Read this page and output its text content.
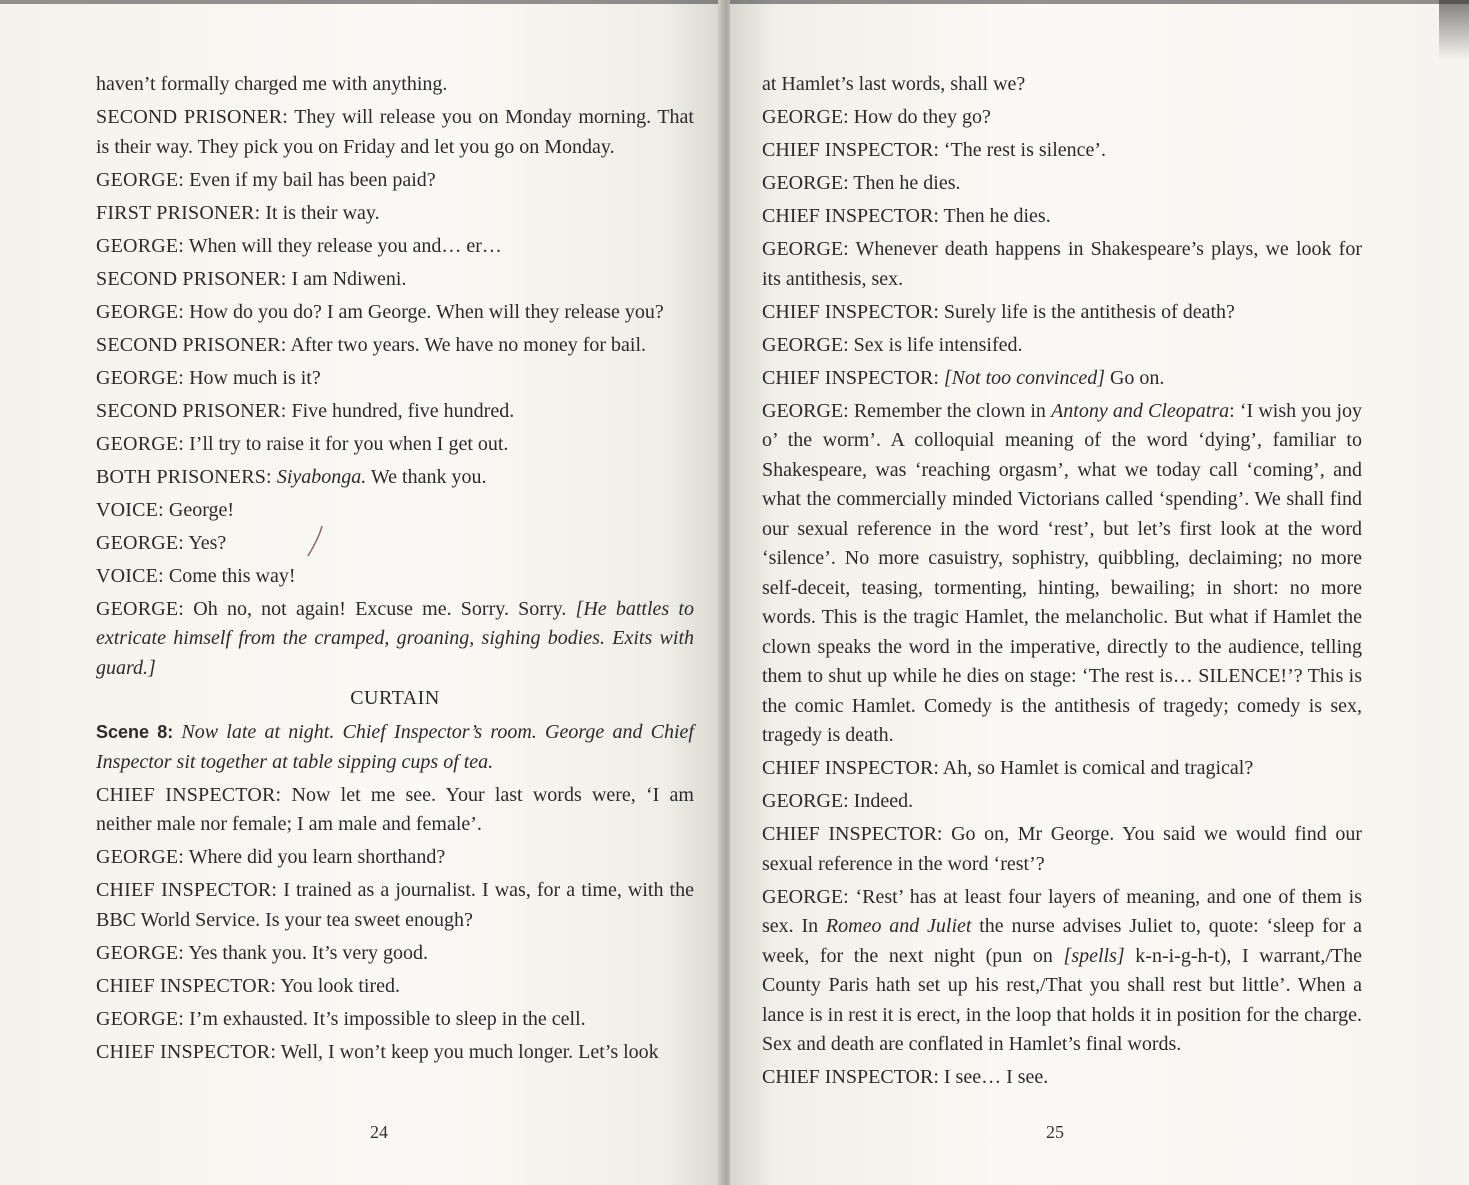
haven’t formally charged me with anything.

SECOND PRISONER: They will release you on Monday morning. That is their way. They pick you on Friday and let you go on Monday.

GEORGE: Even if my bail has been paid?

FIRST PRISONER: It is their way.

GEORGE: When will they release you and… er…

SECOND PRISONER: I am Ndiweni.

GEORGE: How do you do? I am George. When will they release you?

SECOND PRISONER: After two years. We have no money for bail.

GEORGE: How much is it?

SECOND PRISONER: Five hundred, five hundred.

GEORGE: I’ll try to raise it for you when I get out.

BOTH PRISONERS: Siyabonga. We thank you.

VOICE: George!

GEORGE: Yes?

VOICE: Come this way!

GEORGE: Oh no, not again! Excuse me. Sorry. Sorry. [He battles to extricate himself from the cramped, groaning, sighing bodies. Exits with guard.]

CURTAIN

Scene 8: Now late at night. Chief Inspector’s room. George and Chief Inspector sit together at table sipping cups of tea.

CHIEF INSPECTOR: Now let me see. Your last words were, ‘I am neither male nor female; I am male and female’.

GEORGE: Where did you learn shorthand?

CHIEF INSPECTOR: I trained as a journalist. I was, for a time, with the BBC World Service. Is your tea sweet enough?

GEORGE: Yes thank you. It’s very good.

CHIEF INSPECTOR: You look tired.

GEORGE: I’m exhausted. It’s impossible to sleep in the cell.

CHIEF INSPECTOR: Well, I won’t keep you much longer. Let’s look

24

at Hamlet’s last words, shall we?

GEORGE: How do they go?

CHIEF INSPECTOR: ‘The rest is silence’.

GEORGE: Then he dies.

CHIEF INSPECTOR: Then he dies.

GEORGE: Whenever death happens in Shakespeare’s plays, we look for its antithesis, sex.

CHIEF INSPECTOR: Surely life is the antithesis of death?

GEORGE: Sex is life intensifed.

CHIEF INSPECTOR: [Not too convinced] Go on.

GEORGE: Remember the clown in Antony and Cleopatra: ‘I wish you joy o’ the worm’. A colloquial meaning of the word ‘dying’, familiar to Shakespeare, was ‘reaching orgasm’, what we today call ‘coming’, and what the commercially minded Victorians called ‘spending’. We shall find our sexual reference in the word ‘rest’, but let’s first look at the word ‘silence’. No more casuistry, sophistry, quibbling, declaiming; no more self-deceit, teasing, tormenting, hinting, bewailing; in short: no more words. This is the tragic Hamlet, the melancholic. But what if Hamlet the clown speaks the word in the imperative, directly to the audience, telling them to shut up while he dies on stage: ‘The rest is… SILENCE!’? This is the comic Hamlet. Comedy is the antithesis of tragedy; comedy is sex, tragedy is death.

CHIEF INSPECTOR: Ah, so Hamlet is comical and tragical?

GEORGE: Indeed.

CHIEF INSPECTOR: Go on, Mr George. You said we would find our sexual reference in the word ‘rest’?

GEORGE: ‘Rest’ has at least four layers of meaning, and one of them is sex. In Romeo and Juliet the nurse advises Juliet to, quote: ‘sleep for a week, for the next night (pun on [spells] k-n-i-g-h-t), I warrant,/The County Paris hath set up his rest,/That you shall rest but little’. When a lance is in rest it is erect, in the loop that holds it in position for the charge. Sex and death are conflated in Hamlet’s final words.

CHIEF INSPECTOR: I see… I see.

25
